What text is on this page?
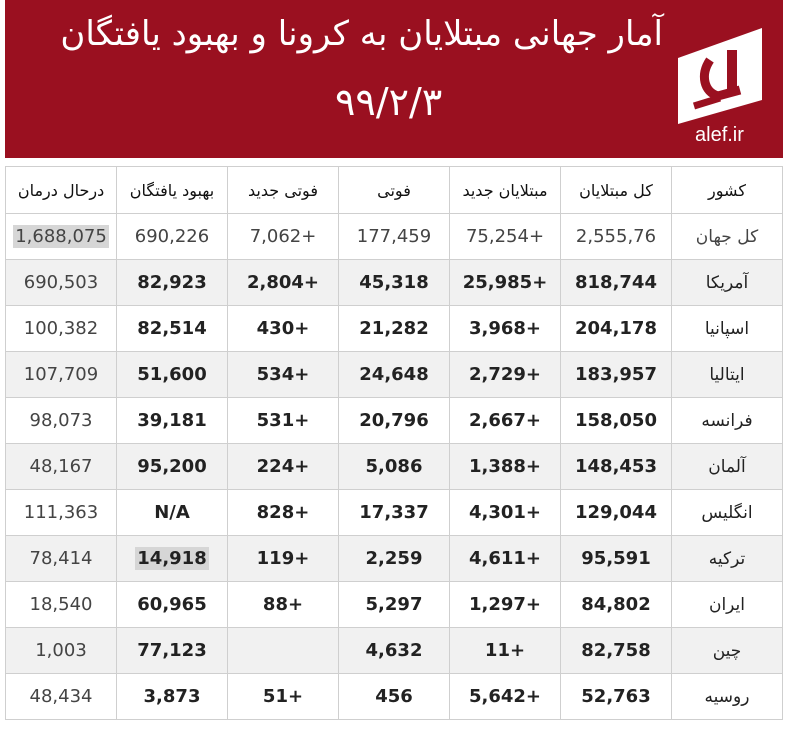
آمار جهانی مبتلایان به کرونا و بهبود یافتگان
۹۹/۲/۳
alef.ir
کشور	کل مبتلایان	مبتلایان جدید	فوتی	فوتی جدید	بهبود یافتگان	درحال درمان
کل جهان	2,555,76	+75,254	177,459	+7,062	690,226	1,688,075
آمریکا	818,744	+25,985	45,318	+2,804	82,923	690,503
اسپانیا	204,178	+3,968	21,282	+430	82,514	100,382
ایتالیا	183,957	+2,729	24,648	+534	51,600	107,709
فرانسه	158,050	+2,667	20,796	+531	39,181	98,073
آلمان	148,453	+1,388	5,086	+224	95,200	48,167
انگلیس	129,044	+4,301	17,337	+828	N/A	111,363
ترکیه	95,591	+4,611	2,259	+119	14,918	78,414
ایران	84,802	+1,297	5,297	+88	60,965	18,540
چین	82,758	+11	4,632		77,123	1,003
روسیه	52,763	+5,642	456	+51	3,873	48,434
